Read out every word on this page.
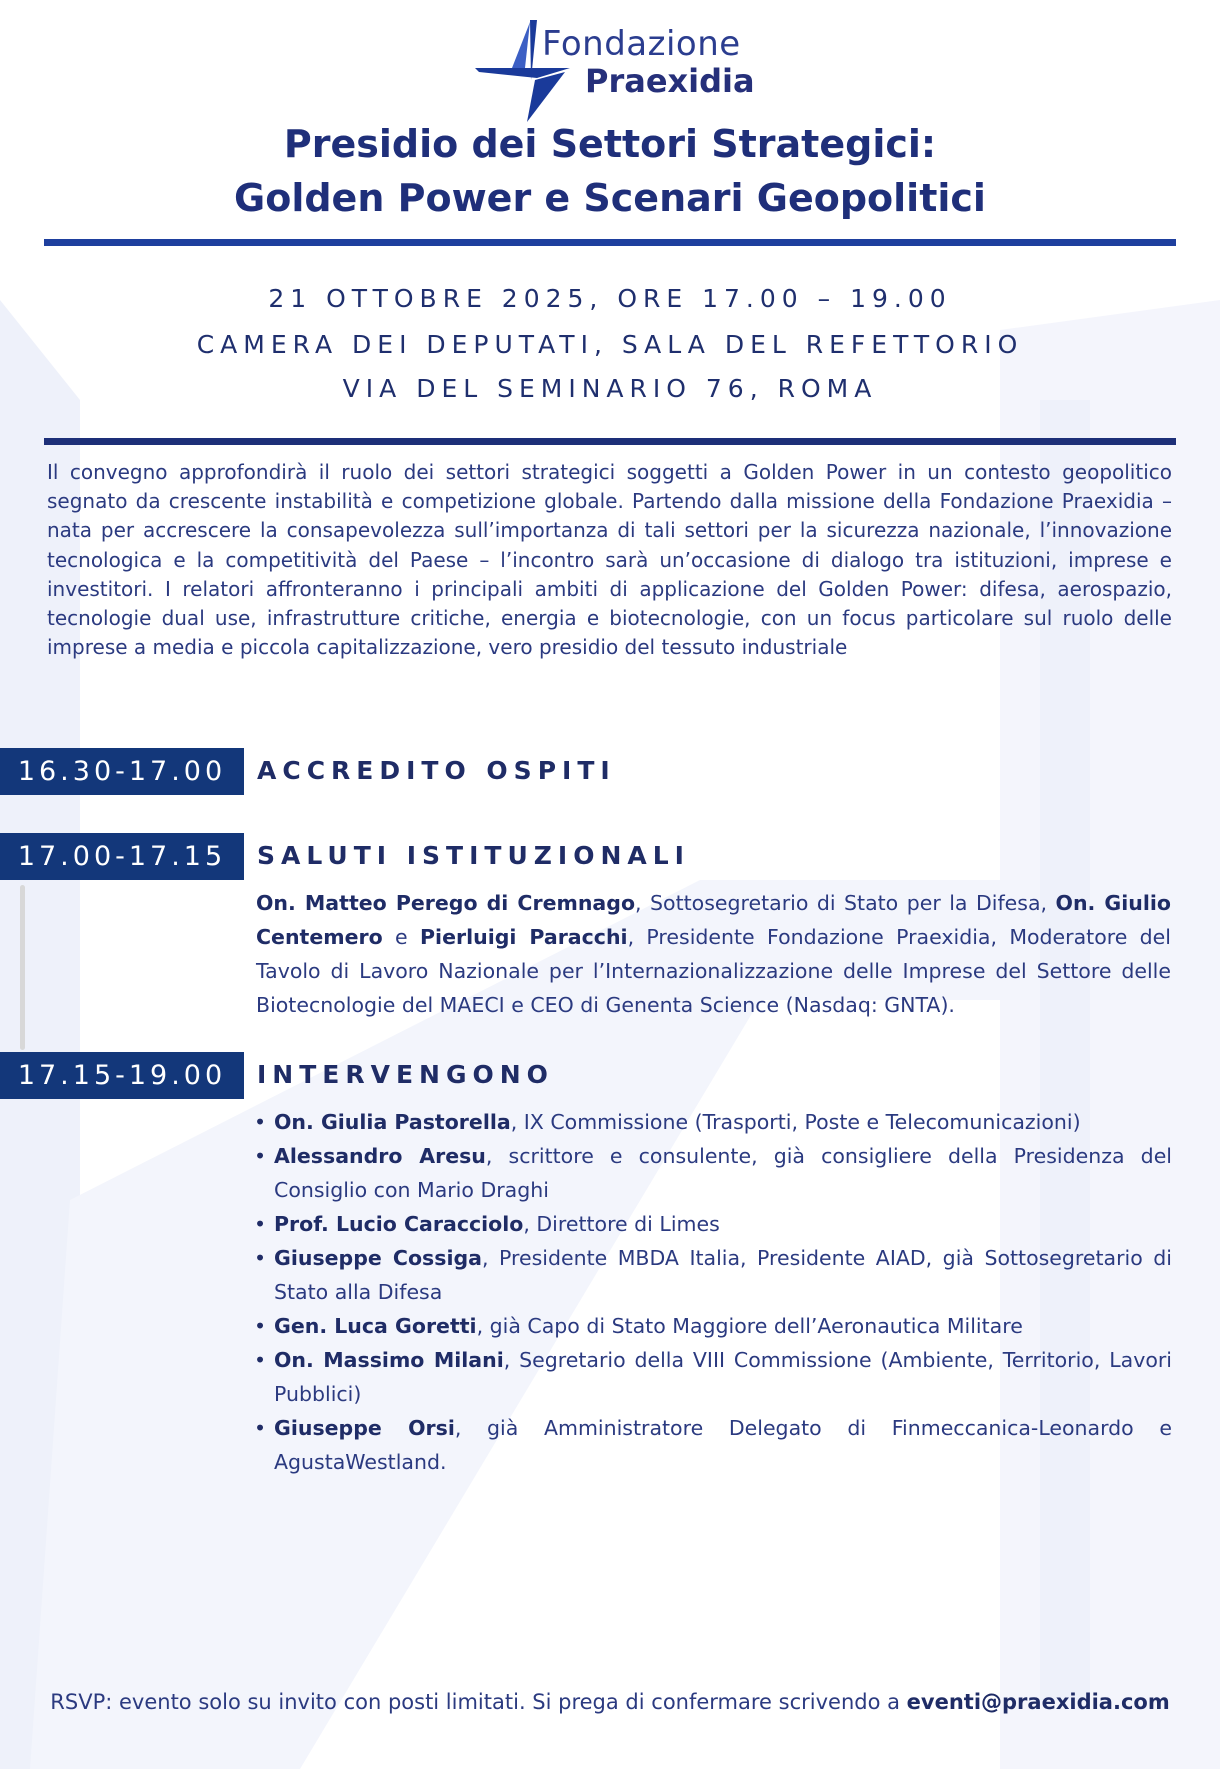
Fondazione
Praexidia
Presidio dei Settori Strategici:
Golden Power e Scenari Geopolitici
21 OTTOBRE 2025, ORE 17.00 – 19.00
CAMERA DEI DEPUTATI, SALA DEL REFETTORIO
VIA DEL SEMINARIO 76, ROMA
Il convegno approfondirà il ruolo dei settori strategici soggetti a Golden Power in un contesto geopolitico segnato da crescente instabilità e competizione globale. Partendo dalla missione della Fondazione Praexidia – nata per accrescere la consapevolezza sull’importanza di tali settori per la sicurezza nazionale, l’innovazione tecnologica e la competitività del Paese – l’incontro sarà un’occasione di dialogo tra istituzioni, imprese e investitori. I relatori affronteranno i principali ambiti di applicazione del Golden Power: difesa, aerospazio, tecnologie dual use, infrastrutture critiche, energia e biotecnologie, con un focus particolare sul ruolo delle imprese a media e piccola capitalizzazione, vero presidio del tessuto industriale
16.30-17.00	ACCREDITO OSPITI
17.00-17.15	SALUTI ISTITUZIONALI
On. Matteo Perego di Cremnago, Sottosegretario di Stato per la Difesa, On. Giulio Centemero e Pierluigi Paracchi, Presidente Fondazione Praexidia, Moderatore del Tavolo di Lavoro Nazionale per l’Internazionalizzazione delle Imprese del Settore delle Biotecnologie del MAECI e CEO di Genenta Science (Nasdaq: GNTA).
17.15-19.00	INTERVENGONO
• On. Giulia Pastorella, IX Commissione (Trasporti, Poste e Telecomunicazioni)
• Alessandro Aresu, scrittore e consulente, già consigliere della Presidenza del Consiglio con Mario Draghi
• Prof. Lucio Caracciolo, Direttore di Limes
• Giuseppe Cossiga, Presidente MBDA Italia, Presidente AIAD, già Sottosegretario di Stato alla Difesa
• Gen. Luca Goretti, già Capo di Stato Maggiore dell’Aeronautica Militare
• On. Massimo Milani, Segretario della VIII Commissione (Ambiente, Territorio, Lavori Pubblici)
• Giuseppe Orsi, già Amministratore Delegato di Finmeccanica-Leonardo e AgustaWestland.
RSVP: evento solo su invito con posti limitati. Si prega di confermare scrivendo a eventi@praexidia.com
